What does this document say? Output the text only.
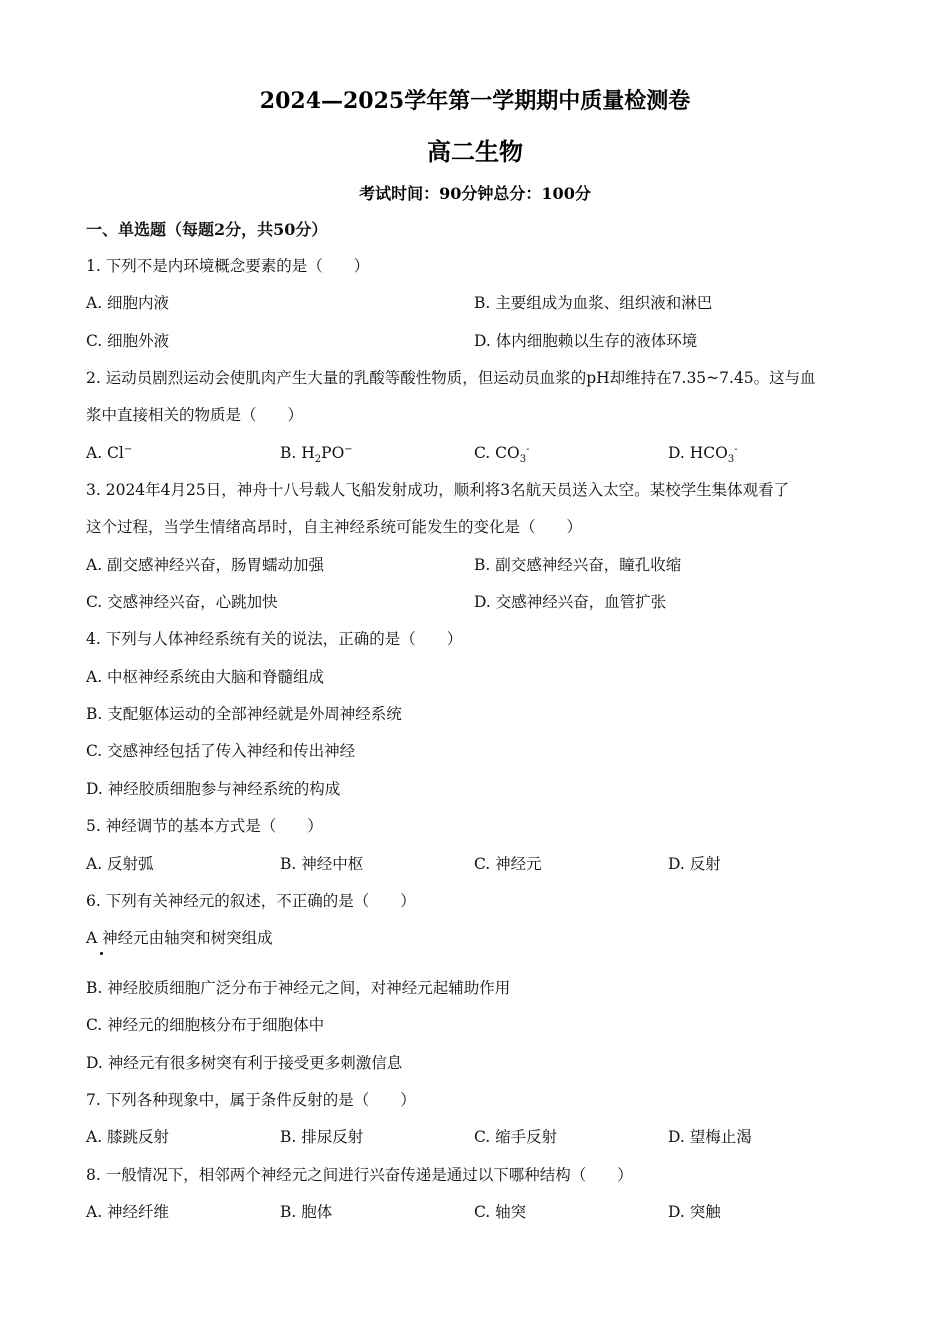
2024—2025学年第一学期期中质量检测卷
高二生物
考试时间：90分钟总分：100分
一、单选题（每题2分，共50分）
1. 下列不是内环境概念要素的是（　　）
A. 细胞内液	B. 主要组成为血浆、组织液和淋巴
C. 细胞外液	D. 体内细胞赖以生存的液体环境
2. 运动员剧烈运动会使肌肉产生大量的乳酸等酸性物质，但运动员血浆的pH却维持在7.35~7.45。这与血
浆中直接相关的物质是（　　）
A. Cl−	B. $H_2PO^-$	C. $CO_3^-$	D. $HCO_3^-$
3. 2024年4月25日，神舟十八号载人飞船发射成功，顺利将3名航天员送入太空。某校学生集体观看了
这个过程，当学生情绪高昂时，自主神经系统可能发生的变化是（　　）
A. 副交感神经兴奋，肠胃蠕动加强	B. 副交感神经兴奋，瞳孔收缩
C. 交感神经兴奋，心跳加快	D. 交感神经兴奋，血管扩张
4. 下列与人体神经系统有关的说法，正确的是（　　）
A. 中枢神经系统由大脑和脊髓组成
B. 支配躯体运动的全部神经就是外周神经系统
C. 交感神经包括了传入神经和传出神经
D. 神经胶质细胞参与神经系统的构成
5. 神经调节的基本方式是（　　）
A. 反射弧	B. 神经中枢	C. 神经元	D. 反射
6. 下列有关神经元的叙述，不正确的是（　　）
A 神经元由轴突和树突组成
B. 神经胶质细胞广泛分布于神经元之间，对神经元起辅助作用
C. 神经元的细胞核分布于细胞体中
D. 神经元有很多树突有利于接受更多刺激信息
7. 下列各种现象中，属于条件反射的是（　　）
A. 膝跳反射	B. 排尿反射	C. 缩手反射	D. 望梅止渴
8. 一般情况下，相邻两个神经元之间进行兴奋传递是通过以下哪种结构（　　）
A. 神经纤维	B. 胞体	C. 轴突	D. 突触
